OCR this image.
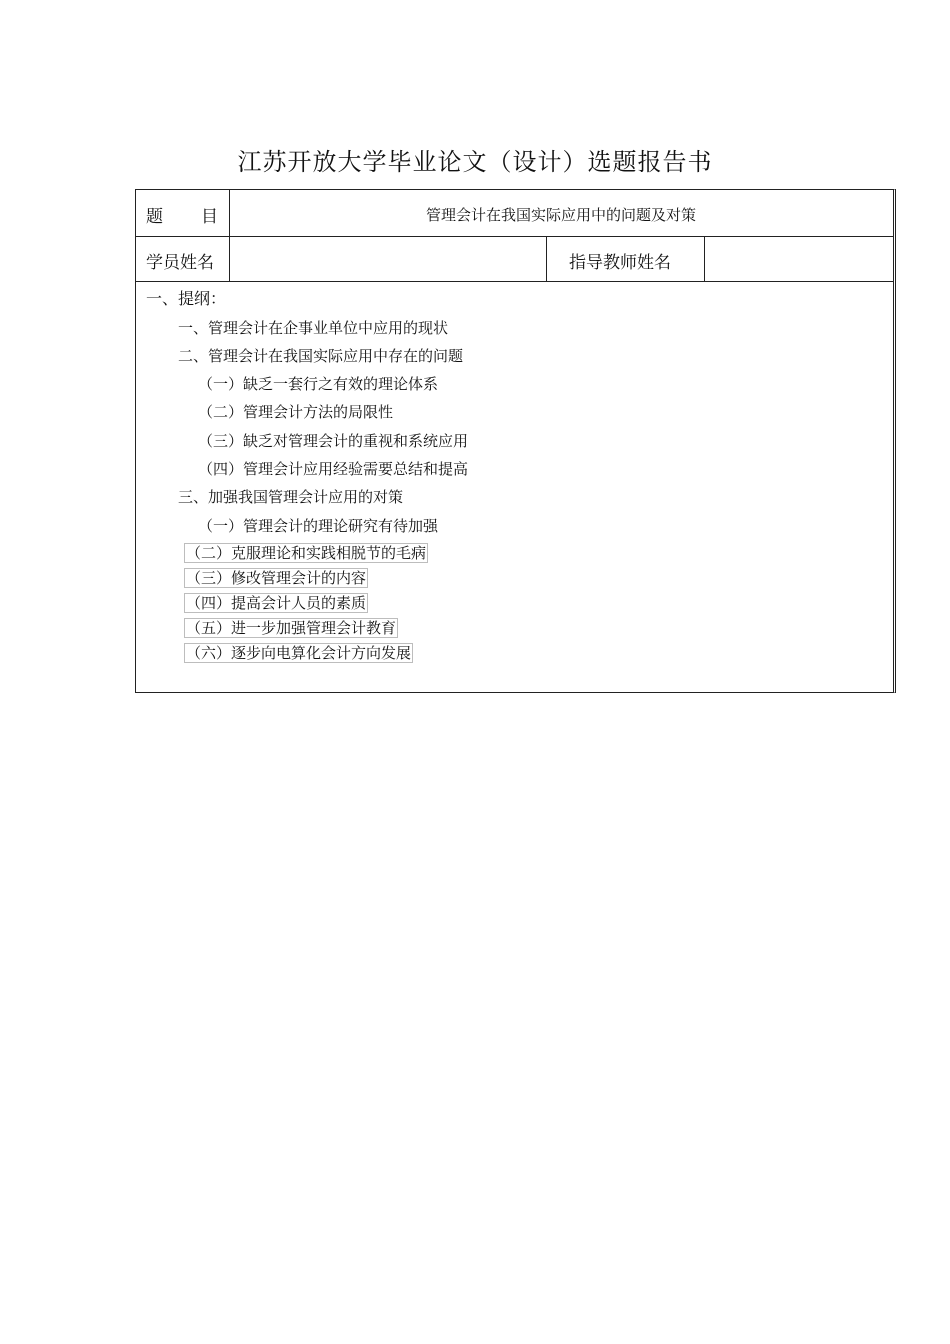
江苏开放大学毕业论文（设计）选题报告书
题 目	管理会计在我国实际应用中的问题及对策
学员姓名	指导教师姓名
一、提纲：
一、管理会计在企事业单位中应用的现状
二、管理会计在我国实际应用中存在的问题
（一）缺乏一套行之有效的理论体系
（二）管理会计方法的局限性
（三）缺乏对管理会计的重视和系统应用
（四）管理会计应用经验需要总结和提高
三、加强我国管理会计应用的对策
（一）管理会计的理论研究有待加强
（二）克服理论和实践相脱节的毛病
（三）修改管理会计的内容
（四）提高会计人员的素质
（五）进一步加强管理会计教育
（六）逐步向电算化会计方向发展
